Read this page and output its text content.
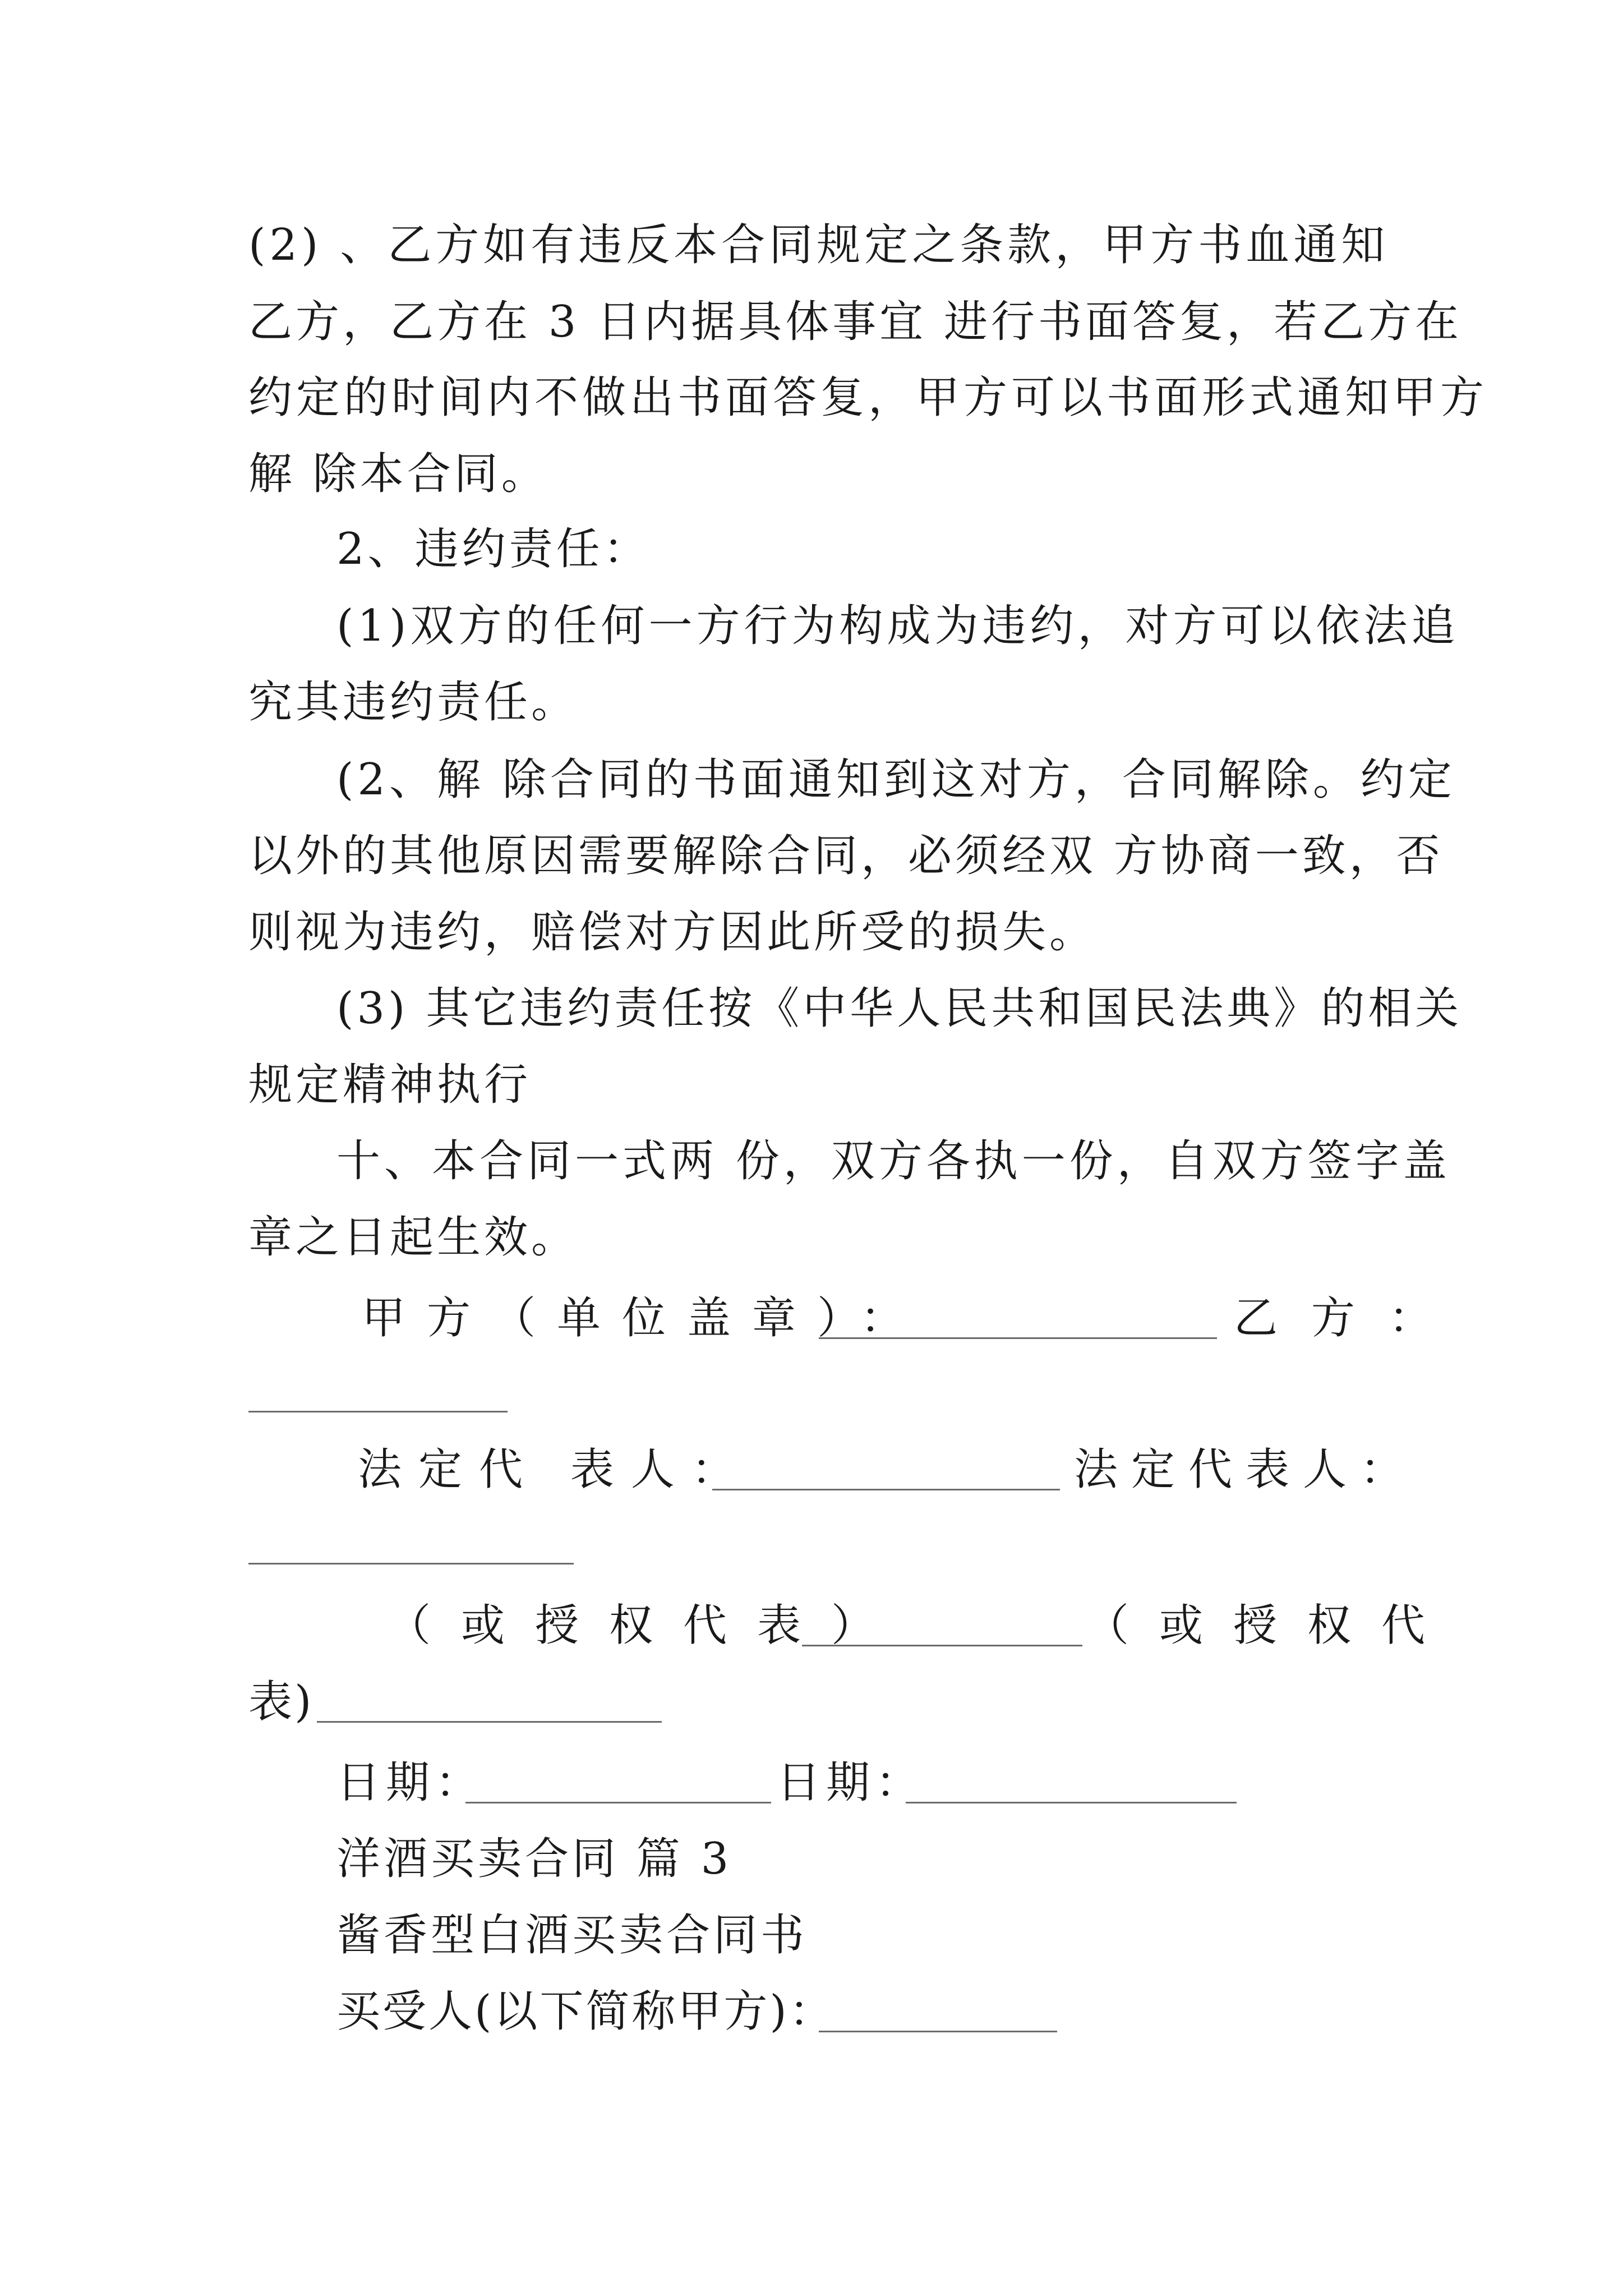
(2) 、乙方如有违反本合同规定之条款，甲方书血通知
乙方，乙方在 3 日内据具体事宜 进行书面答复，若乙方在
约定的时间内不做出书面答复，甲方可以书面形式通知甲方
解 除本合同。
2、违约责任：
(1)双方的任何一方行为构成为违约，对方可以依法追
究其违约责任。
(2、解 除合同的书面通知到这对方，合同解除。约定
以外的其他原因需要解除合同，必须经双 方协商一致，否
则视为违约，赔偿对方因此所受的损失。
(3) 其它违约责任按《中华人民共和国民法典》的相关
规定精神执行
十、本合同一式两 份，双方各执一份，自双方签字盖
章之日起生效。
甲方（单位盖章）：	乙方：
法定代 表人：	法定代表人：
（或授权代表）	（或授权代
表)
日期：	日期：
洋酒买卖合同 篇 3
酱香型白酒买卖合同书
买受人(以下简称甲方)：
